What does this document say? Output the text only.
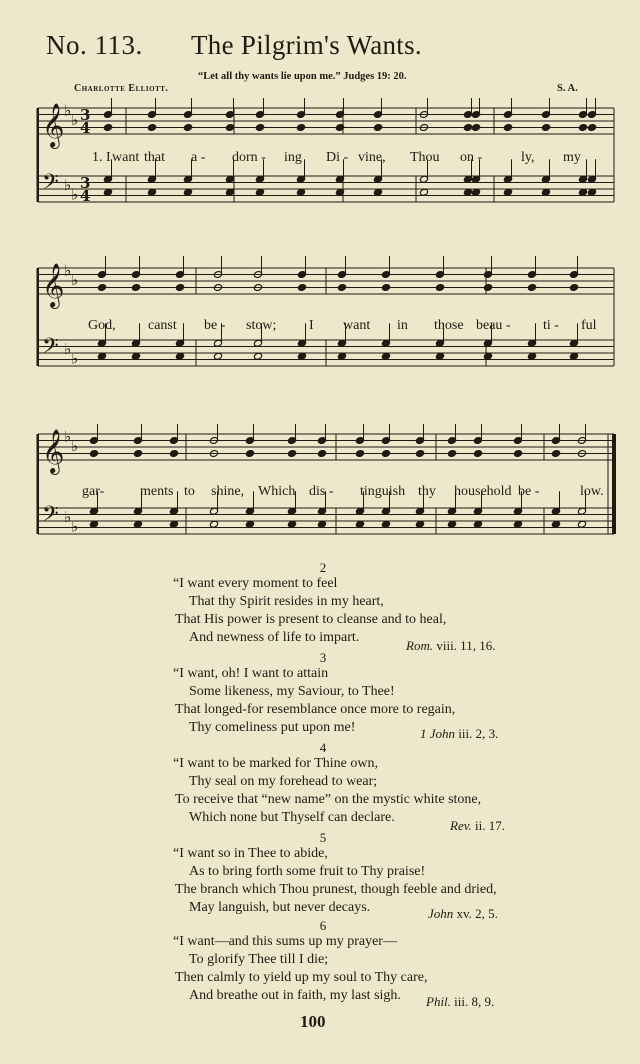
No. 113. The Pilgrim's Wants.
“Let all thy wants lie upon me.” Judges 19: 20.
Charlotte Elliott.	S. A.
𝄞 ♭
♭ 3
4
𝄢 ♭
♭
3
4
1. I want that a - dorn - ing Di - vine, Thou on -	ly, my
𝄞 ♭
♭
𝄢 ♭
♭
God, canst be - stow; I want in those beau - ti - ful
𝄞 ♭
♭
𝄢 ♭
♭
gar-	ments to shine, Which dis - tinguish thy household be -	low.
2
“I want every moment to feel
That thy Spirit resides in my heart,
That His power is present to cleanse and to heal,
And newness of life to impart.
Rom. viii. 11, 16.
3
“I want, oh! I want to attain
Some likeness, my Saviour, to Thee!
That longed-for resemblance once more to regain,
Thy comeliness put upon me!	1 John iii. 2, 3.
4
“I want to be marked for Thine own,
Thy seal on my forehead to wear;
To receive that “new name” on the mystic white stone,
Which none but Thyself can declare.
Rev. ii. 17.
5
“I want so in Thee to abide,
As to bring forth some fruit to Thy praise!
The branch which Thou prunest, though feeble and dried,
May languish, but never decays.	John xv. 2, 5.
6
“I want—and this sums up my prayer—
To glorify Thee till I die;
Then calmly to yield up my soul to Thy care,
And breathe out in faith, my last sigh. Phil. iii. 8, 9.
100
